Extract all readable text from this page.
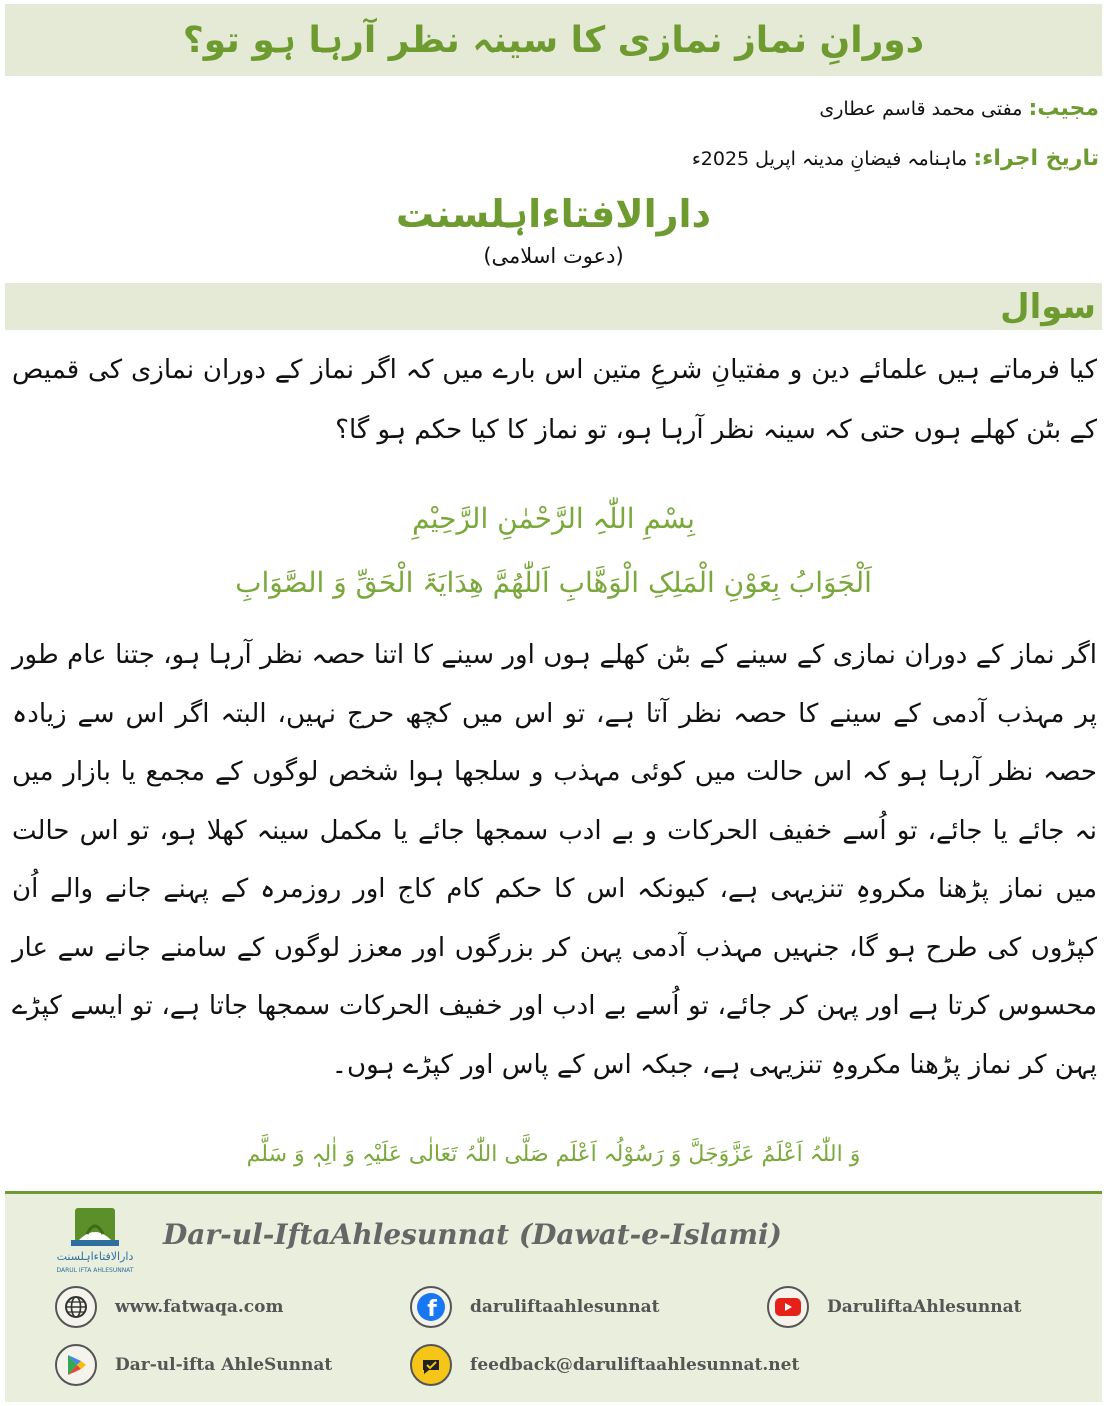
دورانِ نماز نمازی کا سینہ نظر آرہا ہو تو؟
مجیب: مفتی محمد قاسم عطاری
تاریخ اجراء: ماہنامہ فیضانِ مدینہ اپریل 2025ء
دارالافتاءاہلسنت
(دعوت اسلامی)
سوال
کیا فرماتے ہیں علمائے دین و مفتیانِ شرعِ متین اس بارے میں کہ اگر نماز کے دوران نمازی کی قمیص کے بٹن کھلے ہوں حتی کہ سینہ نظر آرہا ہو، تو نماز کا کیا حکم ہو گا؟
بِسْمِ اللّٰہِ الرَّحْمٰنِ الرَّحِیْمِ
اَلْجَوَابُ بِعَوْنِ الْمَلِکِ الْوَھَّابِ اَللّٰھُمَّ ھِدَایَۃَ الْحَقِّ وَ الصَّوَابِ
اگر نماز کے دوران نمازی کے سینے کے بٹن کھلے ہوں اور سینے کا اتنا حصہ نظر آرہا ہو، جتنا عام طور پر مہذب آدمی کے سینے کا حصہ نظر آتا ہے، تو اس میں کچھ حرج نہیں، البتہ اگر اس سے زیادہ حصہ نظر آرہا ہو کہ اس حالت میں کوئی مہذب و سلجھا ہوا شخص لوگوں کے مجمع یا بازار میں نہ جائے یا جائے، تو اُسے خفیف الحرکات و بے ادب سمجھا جائے یا مکمل سینہ کھلا ہو، تو اس حالت میں نماز پڑھنا مکروہِ تنزیہی ہے، کیونکہ اس کا حکم کام کاج اور روزمرہ کے پہنے جانے والے اُن کپڑوں کی طرح ہو گا، جنہیں مہذب آدمی پہن کر بزرگوں اور معزز لوگوں کے سامنے جانے سے عار محسوس کرتا ہے اور پہن کر جائے، تو اُسے بے ادب اور خفیف الحرکات سمجھا جاتا ہے، تو ایسے کپڑے پہن کر نماز پڑھنا مکروہِ تنزیہی ہے، جبکہ اس کے پاس اور کپڑے ہوں۔
وَ اللّٰہُ اَعْلَمُ عَزَّوَجَلَّ وَ رَسُوْلُہ اَعْلَم صَلَّی اللّٰہُ تَعَالٰی عَلَیْہِ وَ اٰلِہٖ وَ سَلَّم
دارالافتاءاہلسنت
DARUL IFTA AHLESUNNAT
Dar-ul-IftaAhlesunnat (Dawat-e-Islami)
www.fatwaqa.com	f daruliftaahlesunnat	DaruliftaAhlesunnat
Dar-ul-ifta AhleSunnat	feedback@daruliftaahlesunnat.net
